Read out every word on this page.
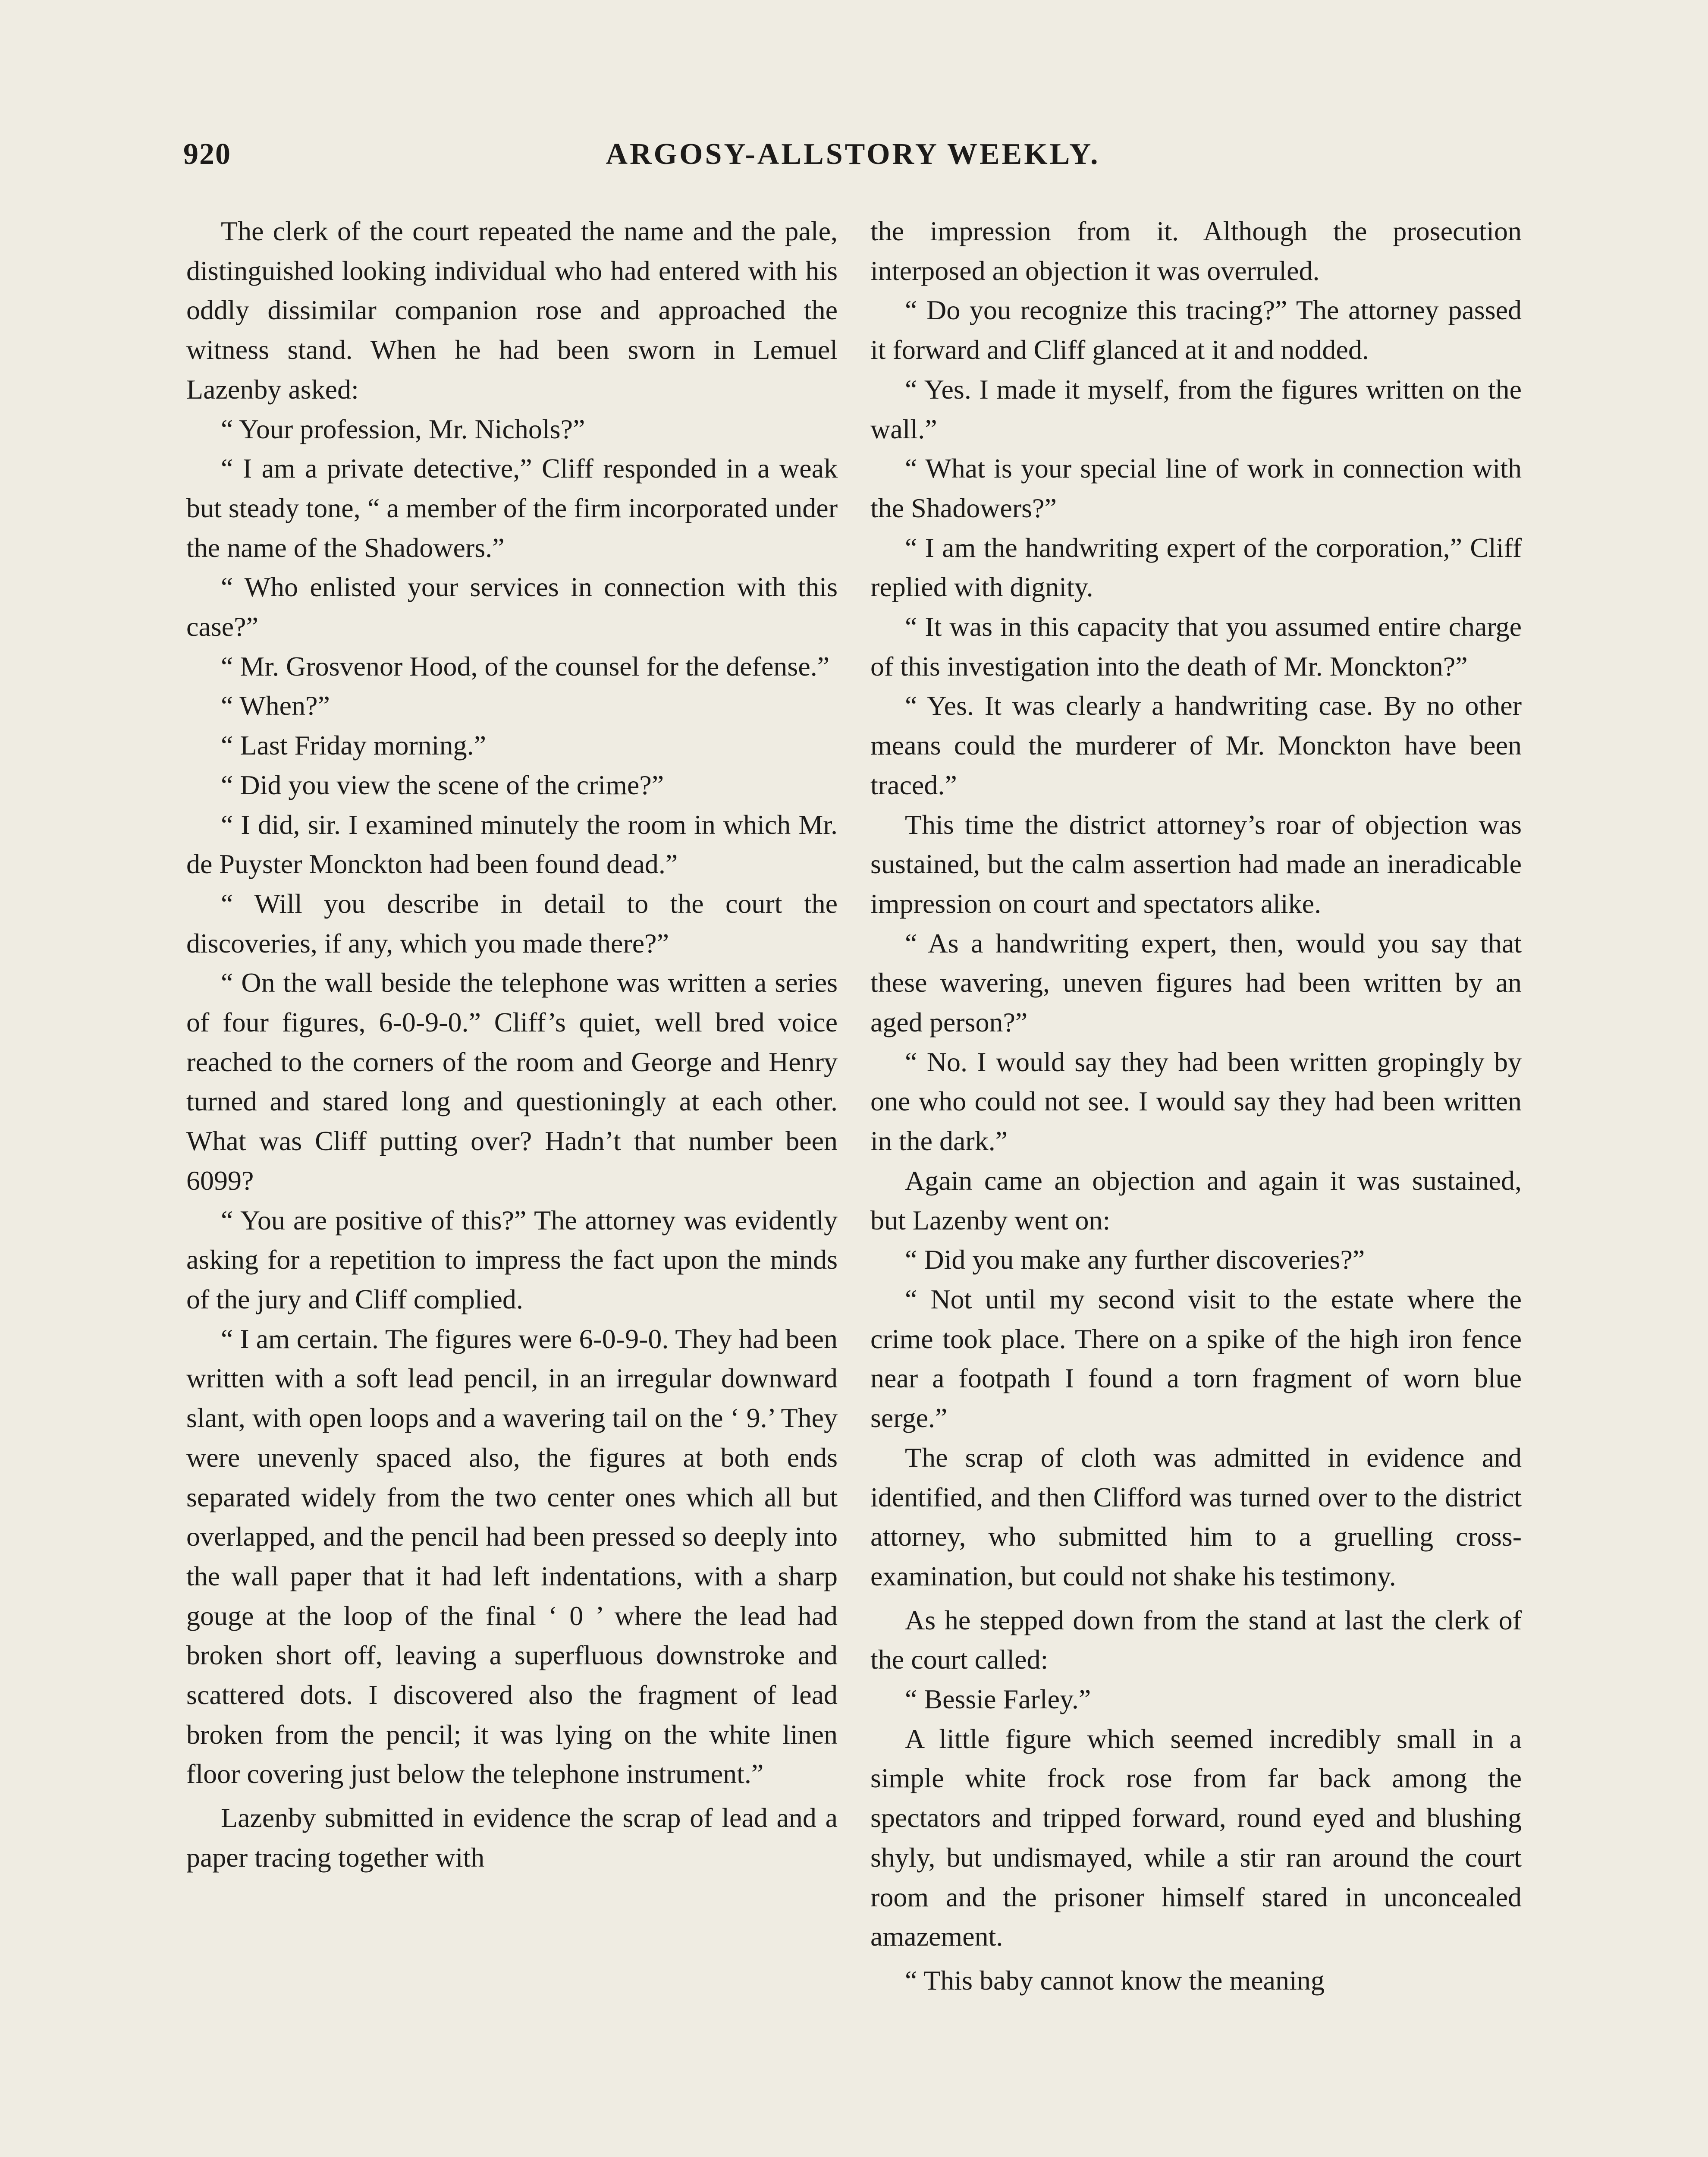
920	ARGOSY-ALLSTORY WEEKLY.

The clerk of the court repeated the name and the pale, distinguished looking individual who had entered with his oddly dissimilar companion rose and approached the witness stand. When he had been sworn in Lemuel Lazenby asked:

“ Your profession, Mr. Nichols?”

“ I am a private detective,” Cliff responded in a weak but steady tone, “ a member of the firm incorporated under the name of the Shadowers.”

“ Who enlisted your services in connection with this case?”

“ Mr. Grosvenor Hood, of the counsel for the defense.”

“ When?”

“ Last Friday morning.”

“ Did you view the scene of the crime?”

“ I did, sir. I examined minutely the room in which Mr. de Puyster Monckton had been found dead.”

“ Will you describe in detail to the court the discoveries, if any, which you made there?”

“ On the wall beside the telephone was written a series of four figures, 6-0-9-0.” Cliff’s quiet, well bred voice reached to the corners of the room and George and Henry turned and stared long and questioningly at each other. What was Cliff putting over? Hadn’t that number been 6099?

“ You are positive of this?” The attorney was evidently asking for a repetition to impress the fact upon the minds of the jury and Cliff complied.

“ I am certain. The figures were 6-0-9-0. They had been written with a soft lead pencil, in an irregular downward slant, with open loops and a wavering tail on the ‘ 9.’ They were unevenly spaced also, the figures at both ends separated widely from the two center ones which all but overlapped, and the pencil had been pressed so deeply into the wall paper that it had left indentations, with a sharp gouge at the loop of the final ‘ 0 ’ where the lead had broken short off, leaving a superfluous downstroke and scattered dots. I discovered also the fragment of lead broken from the pencil; it was lying on the white linen floor covering just below the telephone instrument.”

Lazenby submitted in evidence the scrap of lead and a paper tracing together with

the impression from it. Although the prosecution interposed an objection it was overruled.

“ Do you recognize this tracing?” The attorney passed it forward and Cliff glanced at it and nodded.

“ Yes. I made it myself, from the figures written on the wall.”

“ What is your special line of work in connection with the Shadowers?”

“ I am the handwriting expert of the corporation,” Cliff replied with dignity.

“ It was in this capacity that you assumed entire charge of this investigation into the death of Mr. Monckton?”

“ Yes. It was clearly a handwriting case. By no other means could the murderer of Mr. Monckton have been traced.”

This time the district attorney’s roar of objection was sustained, but the calm assertion had made an ineradicable impression on court and spectators alike.

“ As a handwriting expert, then, would you say that these wavering, uneven figures had been written by an aged person?”

“ No. I would say they had been written gropingly by one who could not see. I would say they had been written in the dark.”

Again came an objection and again it was sustained, but Lazenby went on:

“ Did you make any further discoveries?”

“ Not until my second visit to the estate where the crime took place. There on a spike of the high iron fence near a footpath I found a torn fragment of worn blue serge.”

The scrap of cloth was admitted in evidence and identified, and then Clifford was turned over to the district attorney, who submitted him to a gruelling cross-examination, but could not shake his testimony.

As he stepped down from the stand at last the clerk of the court called:

“ Bessie Farley.”

A little figure which seemed incredibly small in a simple white frock rose from far back among the spectators and tripped forward, round eyed and blushing shyly, but undismayed, while a stir ran around the court room and the prisoner himself stared in unconcealed amazement.

“ This baby cannot know the meaning
